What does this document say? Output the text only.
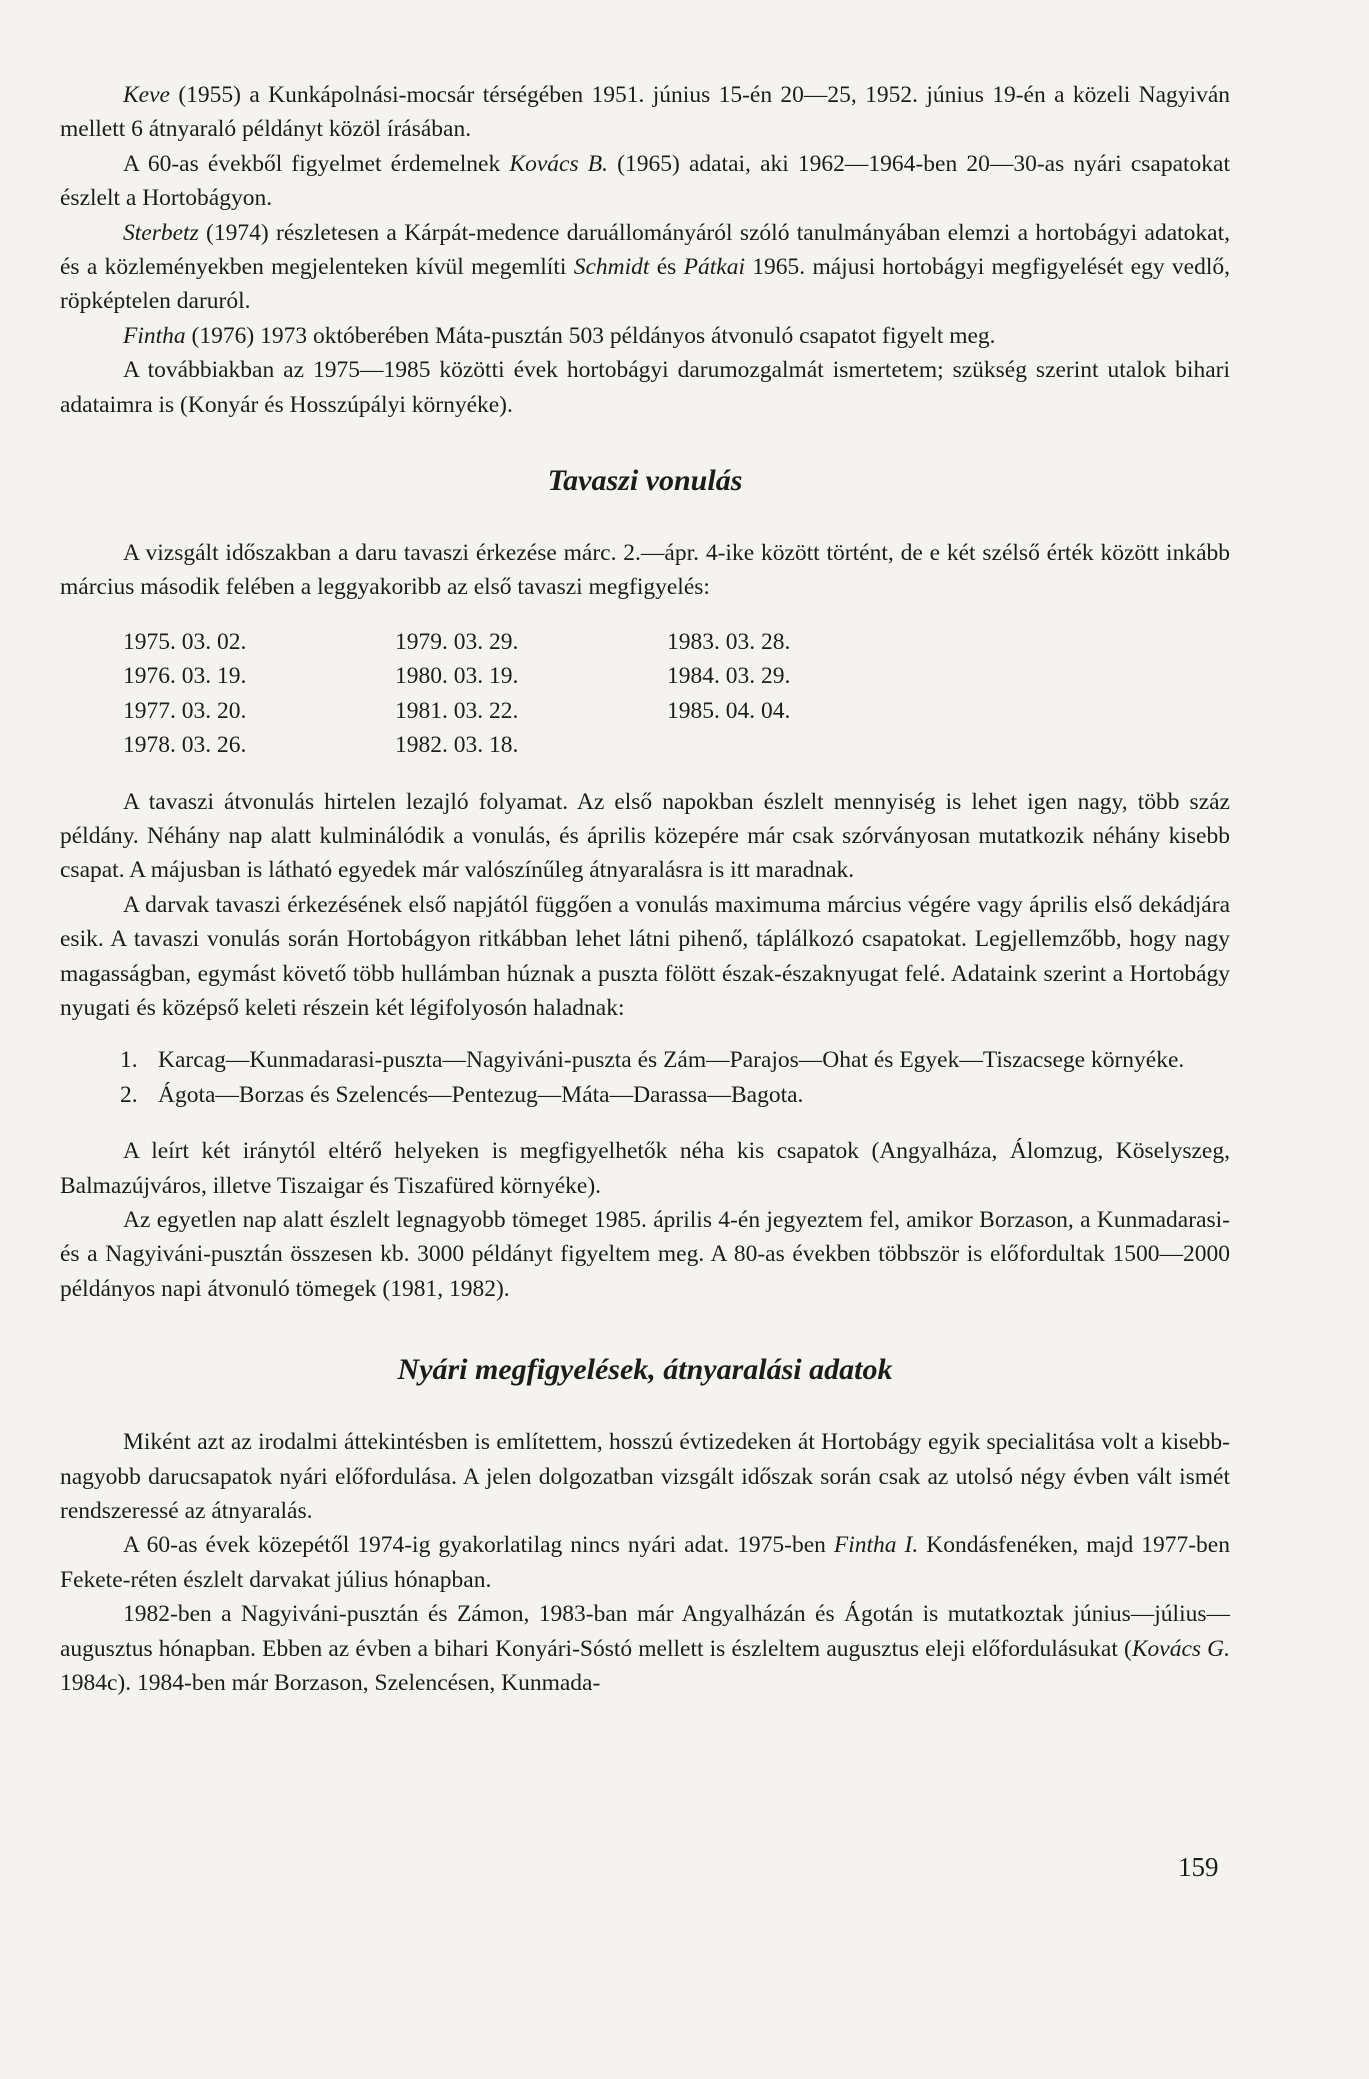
Keve (1955) a Kunkápolnási-mocsár térségében 1951. június 15-én 20—25, 1952. június 19-én a közeli Nagyiván mellett 6 átnyaraló példányt közöl írásában.

A 60-as évekből figyelmet érdemelnek Kovács B. (1965) adatai, aki 1962—1964-ben 20—30-as nyári csapatokat észlelt a Hortobágyon.

Sterbetz (1974) részletesen a Kárpát-medence daruállományáról szóló tanulmányában elemzi a hortobágyi adatokat, és a közleményekben megjelenteken kívül megemlíti Schmidt és Pátkai 1965. májusi hortobágyi megfigyelését egy vedlő, röpképtelen daruról.

Fintha (1976) 1973 októberében Máta-pusztán 503 példányos átvonuló csapatot figyelt meg.

A továbbiakban az 1975—1985 közötti évek hortobágyi darumozgalmát ismertetem; szükség szerint utalok bihari adataimra is (Konyár és Hosszúpályi környéke).

Tavaszi vonulás

A vizsgált időszakban a daru tavaszi érkezése márc. 2.—ápr. 4-ike között történt, de e két szélső érték között inkább március második felében a leggyakoribb az első tavaszi megfigyelés:

1975. 03. 02.
1976. 03. 19.
1977. 03. 20.
1978. 03. 26.
1979. 03. 29.
1980. 03. 19.
1981. 03. 22.
1982. 03. 18.
1983. 03. 28.
1984. 03. 29.
1985. 04. 04.

A tavaszi átvonulás hirtelen lezajló folyamat. Az első napokban észlelt mennyiség is lehet igen nagy, több száz példány. Néhány nap alatt kulminálódik a vonulás, és április közepére már csak szórványosan mutatkozik néhány kisebb csapat. A májusban is látható egyedek már valószínűleg átnyaralásra is itt maradnak.

A darvak tavaszi érkezésének első napjától függően a vonulás maximuma március végére vagy április első dekádjára esik. A tavaszi vonulás során Hortobágyon ritkábban lehet látni pihenő, táplálkozó csapatokat. Legjellemzőbb, hogy nagy magasságban, egymást követő több hullámban húznak a puszta fölött észak-északnyugat felé. Adataink szerint a Hortobágy nyugati és középső keleti részein két légifolyosón haladnak:

1. Karcag—Kunmadarasi-puszta—Nagyiváni-puszta és Zám—Parajos—Ohat és Egyek—Tiszacsege környéke.
2. Ágota—Borzas és Szelencés—Pentezug—Máta—Darassa—Bagota.

A leírt két iránytól eltérő helyeken is megfigyelhetők néha kis csapatok (Angyalháza, Álomzug, Köselyszeg, Balmazújváros, illetve Tiszaigar és Tiszafüred környéke).

Az egyetlen nap alatt észlelt legnagyobb tömeget 1985. április 4-én jegyeztem fel, amikor Borzason, a Kunmadarasi- és a Nagyiváni-pusztán összesen kb. 3000 példányt figyeltem meg. A 80-as években többször is előfordultak 1500—2000 példányos napi átvonuló tömegek (1981, 1982).

Nyári megfigyelések, átnyaralási adatok

Miként azt az irodalmi áttekintésben is említettem, hosszú évtizedeken át Hortobágy egyik specialitása volt a kisebb-nagyobb darucsapatok nyári előfordulása. A jelen dolgozatban vizsgált időszak során csak az utolsó négy évben vált ismét rendszeressé az átnyaralás.

A 60-as évek közepétől 1974-ig gyakorlatilag nincs nyári adat. 1975-ben Fintha I. Kondásfenéken, majd 1977-ben Fekete-réten észlelt darvakat július hónapban.

1982-ben a Nagyiváni-pusztán és Zámon, 1983-ban már Angyalházán és Ágotán is mutatkoztak június—július—augusztus hónapban. Ebben az évben a bihari Konyári-Sóstó mellett is észleltem augusztus eleji előfordulásukat (Kovács G. 1984c). 1984-ben már Borzason, Szelencésen, Kunmada-

159
